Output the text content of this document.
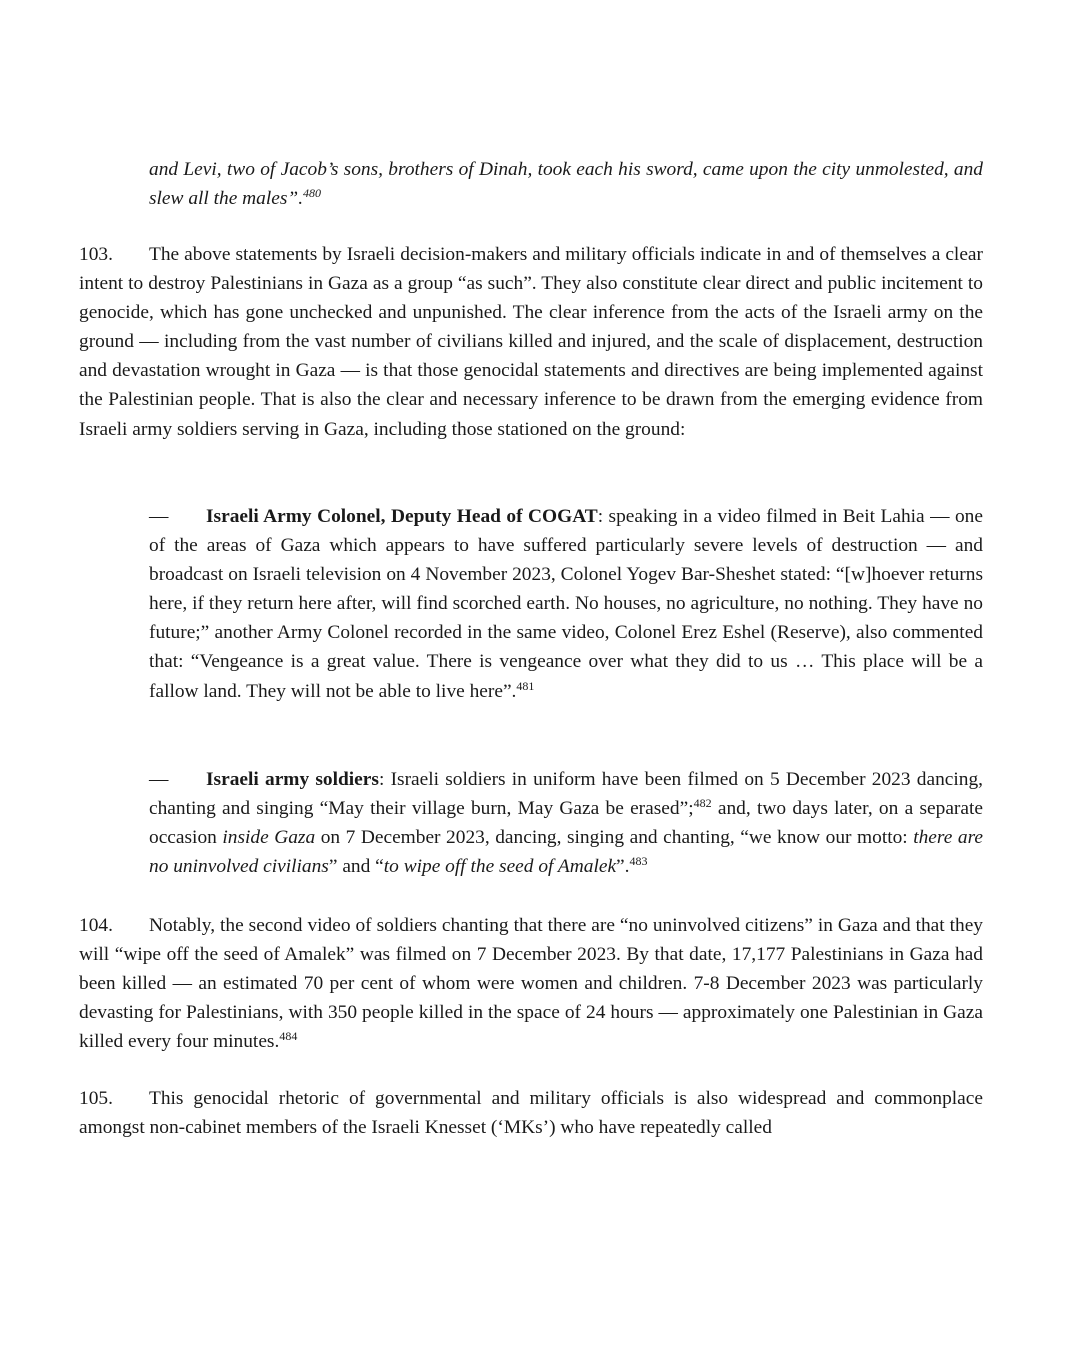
and Levi, two of Jacob’s sons, brothers of Dinah, took each his sword, came upon the city unmolested, and slew all the males”.$^{480}$
103. The above statements by Israeli decision-makers and military officials indicate in and of themselves a clear intent to destroy Palestinians in Gaza as a group “as such”. They also constitute clear direct and public incitement to genocide, which has gone unchecked and unpunished. The clear inference from the acts of the Israeli army on the ground — including from the vast number of civilians killed and injured, and the scale of displacement, destruction and devastation wrought in Gaza — is that those genocidal statements and directives are being implemented against the Palestinian people. That is also the clear and necessary inference to be drawn from the emerging evidence from Israeli army soldiers serving in Gaza, including those stationed on the ground:
— Israeli Army Colonel, Deputy Head of COGAT: speaking in a video filmed in Beit Lahia — one of the areas of Gaza which appears to have suffered particularly severe levels of destruction — and broadcast on Israeli television on 4 November 2023, Colonel Yogev Bar-Sheshet stated: “[w]hoever returns here, if they return here after, will find scorched earth. No houses, no agriculture, no nothing. They have no future;” another Army Colonel recorded in the same video, Colonel Erez Eshel (Reserve), also commented that: “Vengeance is a great value. There is vengeance over what they did to us … This place will be a fallow land. They will not be able to live here”.$^{481}$
— Israeli army soldiers: Israeli soldiers in uniform have been filmed on 5 December 2023 dancing, chanting and singing “May their village burn, May Gaza be erased”;$^{482}$ and, two days later, on a separate occasion inside Gaza on 7 December 2023, dancing, singing and chanting, “we know our motto: there are no uninvolved civilians” and “to wipe off the seed of Amalek”.$^{483}$
104. Notably, the second video of soldiers chanting that there are “no uninvolved citizens” in Gaza and that they will “wipe off the seed of Amalek” was filmed on 7 December 2023. By that date, 17,177 Palestinians in Gaza had been killed — an estimated 70 per cent of whom were women and children. 7-8 December 2023 was particularly devasting for Palestinians, with 350 people killed in the space of 24 hours — approximately one Palestinian in Gaza killed every four minutes.$^{484}$
105. This genocidal rhetoric of governmental and military officials is also widespread and commonplace amongst non-cabinet members of the Israeli Knesset (‘MKs’) who have repeatedly called
